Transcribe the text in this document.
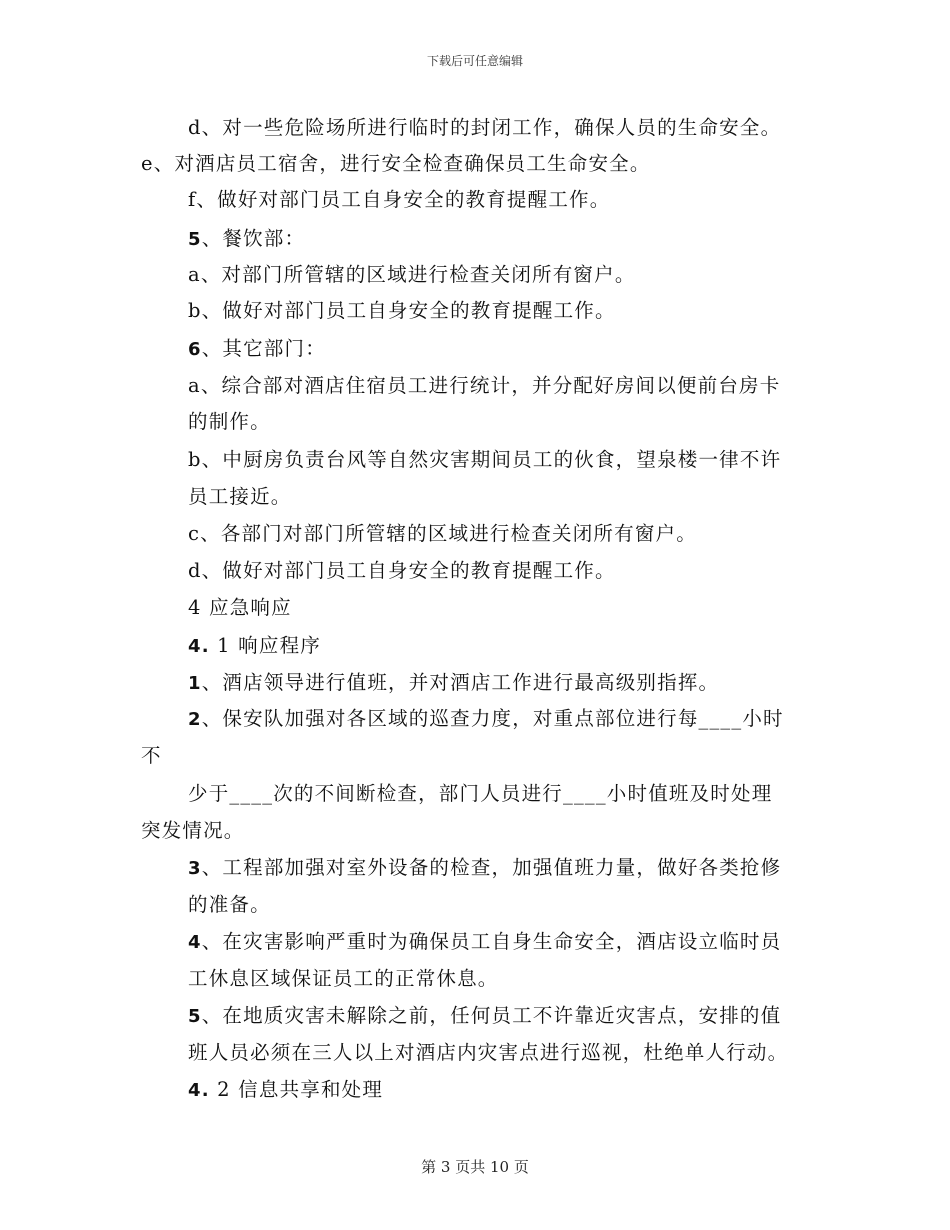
下载后可任意编辑
d、对一些危险场所进行临时的封闭工作，确保人员的生命安全。
e、对酒店员工宿舍，进行安全检查确保员工生命安全。
f、做好对部门员工自身安全的教育提醒工作。
5、餐饮部：
a、对部门所管辖的区域进行检查关闭所有窗户。
b、做好对部门员工自身安全的教育提醒工作。
6、其它部门：
a、综合部对酒店住宿员工进行统计，并分配好房间以便前台房卡
的制作。
b、中厨房负责台风等自然灾害期间员工的伙食，望泉楼一律不许
员工接近。
c、各部门对部门所管辖的区域进行检查关闭所有窗户。
d、做好对部门员工自身安全的教育提醒工作。
4 应急响应
4. 1 响应程序
1、酒店领导进行值班，并对酒店工作进行最高级别指挥。
2、保安队加强对各区域的巡查力度，对重点部位进行每____小时
不
少于____次的不间断检查，部门人员进行____小时值班及时处理
突发情况。
3、工程部加强对室外设备的检查，加强值班力量，做好各类抢修
的准备。
4、在灾害影响严重时为确保员工自身生命安全，酒店设立临时员
工休息区域保证员工的正常休息。
5、在地质灾害未解除之前，任何员工不许靠近灾害点，安排的值
班人员必须在三人以上对酒店内灾害点进行巡视，杜绝单人行动。
4. 2 信息共享和处理
第 3 页共 10 页
